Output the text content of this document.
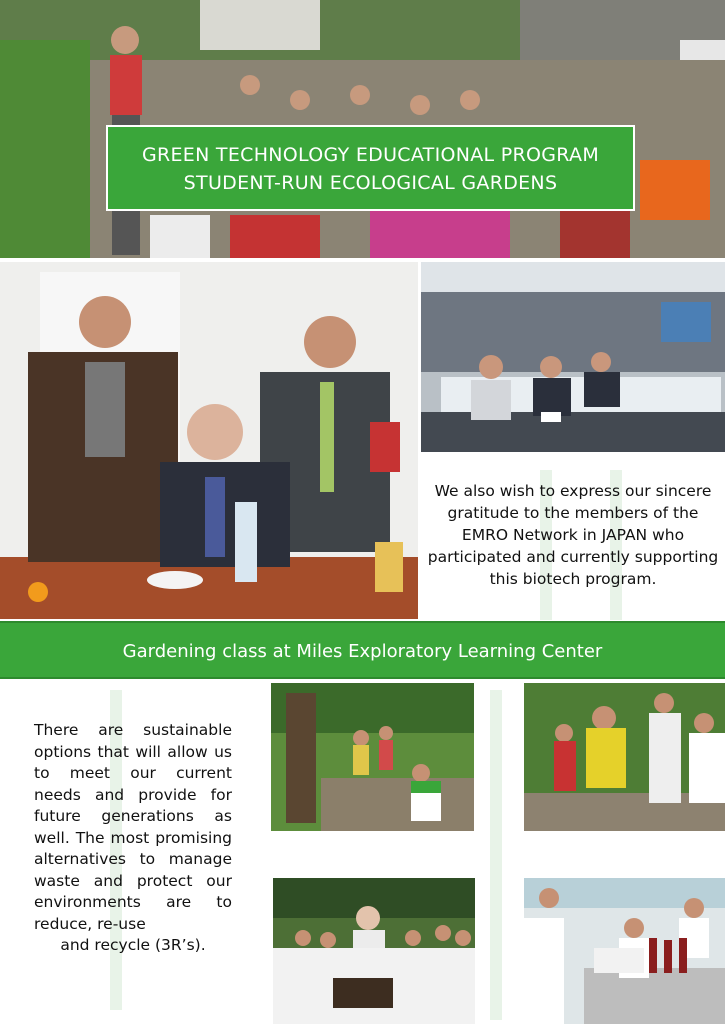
GREEN TECHNOLOGY EDUCATIONAL PROGRAM
STUDENT-RUN ECOLOGICAL GARDENS
We also wish to express our sincere gratitude to the members of the EMRO Network in JAPAN who participated and currently supporting this biotech program.
Gardening class at Miles Exploratory Learning Center
There are sustainable options that will allow us to meet our current needs and provide for future generations as well. The most promising alternatives to manage waste and protect our environments are to reduce, re-use
and recycle (3R’s).
